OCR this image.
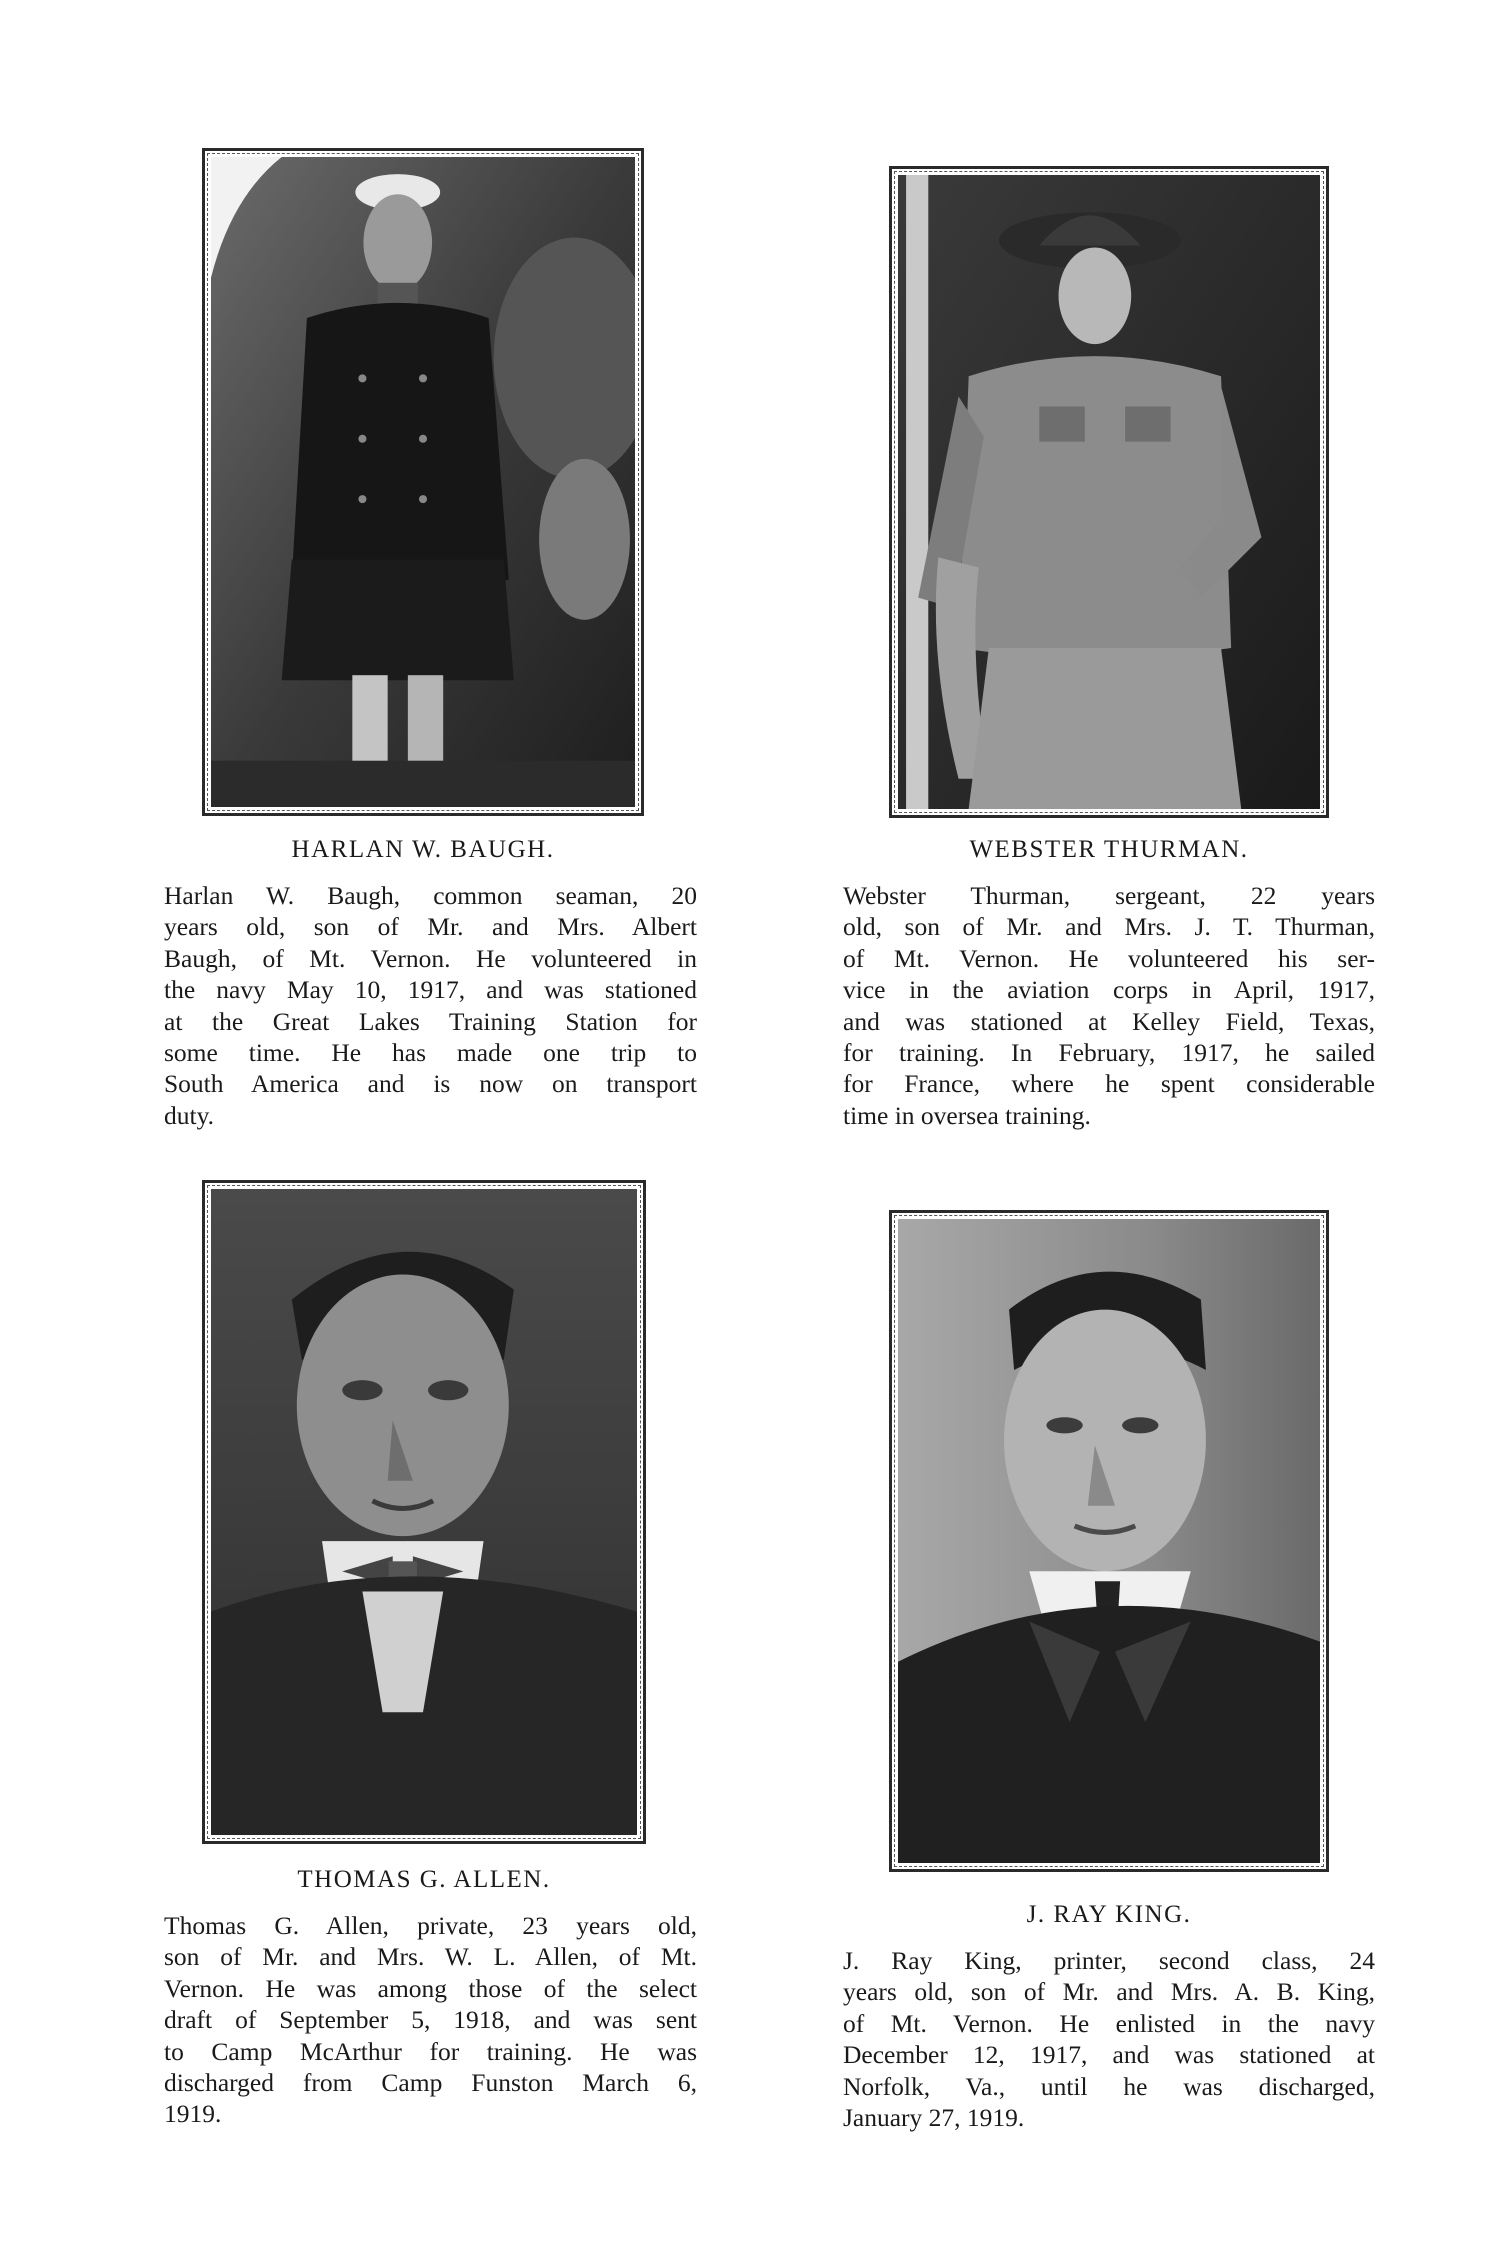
HARLAN W. BAUGH.
Harlan W. Baugh, common seaman, 20
years old, son of Mr. and Mrs. Albert
Baugh, of Mt. Vernon. He volunteered in
the navy May 10, 1917, and was stationed
at the Great Lakes Training Station for
some time. He has made one trip to
South America and is now on transport
duty.
WEBSTER THURMAN.
Webster Thurman, sergeant, 22 years
old, son of Mr. and Mrs. J. T. Thurman,
of Mt. Vernon. He volunteered his ser-
vice in the aviation corps in April, 1917,
and was stationed at Kelley Field, Texas,
for training. In February, 1917, he sailed
for France, where he spent considerable
time in oversea training.
THOMAS G. ALLEN.
Thomas G. Allen, private, 23 years old,
son of Mr. and Mrs. W. L. Allen, of Mt.
Vernon. He was among those of the select
draft of September 5, 1918, and was sent
to Camp McArthur for training. He was
discharged from Camp Funston March 6,
1919.
J. RAY KING.
J. Ray King, printer, second class, 24
years old, son of Mr. and Mrs. A. B. King,
of Mt. Vernon. He enlisted in the navy
December 12, 1917, and was stationed at
Norfolk, Va., until he was discharged,
January 27, 1919.
